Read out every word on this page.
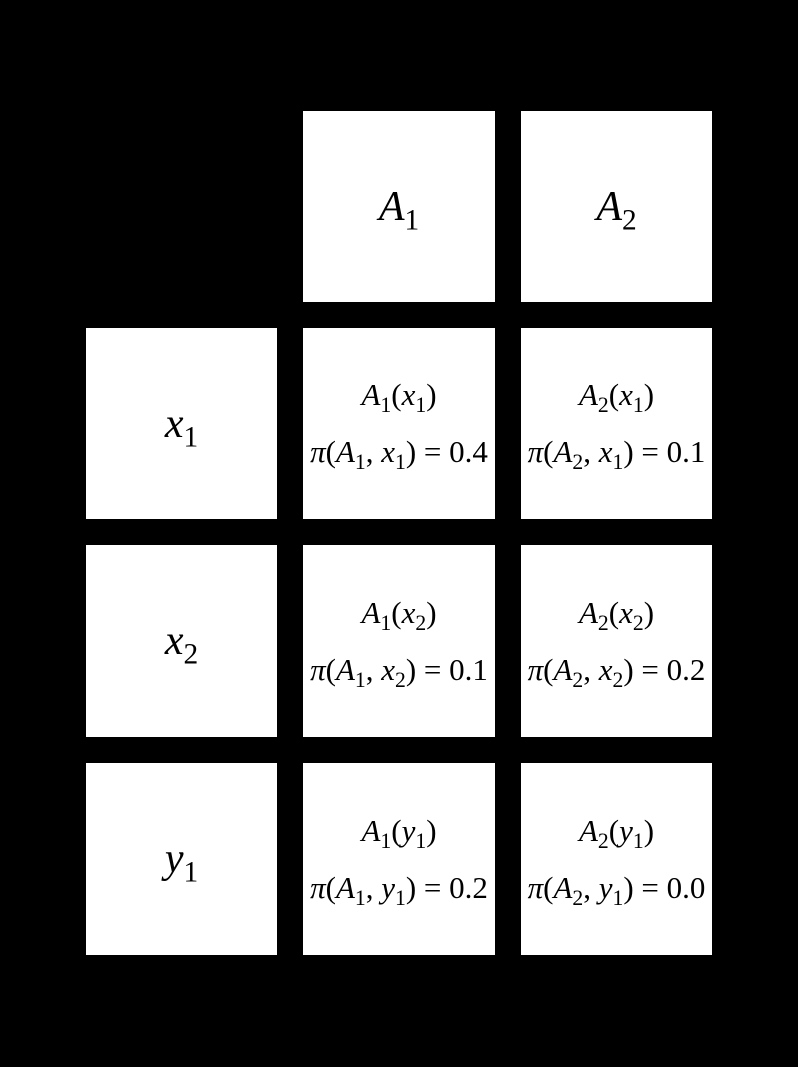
$A_1$	$A_2$
$x_1$
$A_1(x_1)$
$\pi(A_1$, $x_1) = 0.4$
$A_2(x_1)$
$\pi(A_2$, $x_1) = 0.1$
$x_2$
$A_1(x_2)$
$\pi(A_1$, $x_2) = 0.1$
$A_2(x_2)$
$\pi(A_2$, $x_2) = 0.2$
$y_1$
$A_1(y_1)$
$\pi(A_1$, $y_1) = 0.2$
$A_2(y_1)$
$\pi(A_2$, $y_1) = 0.0$
